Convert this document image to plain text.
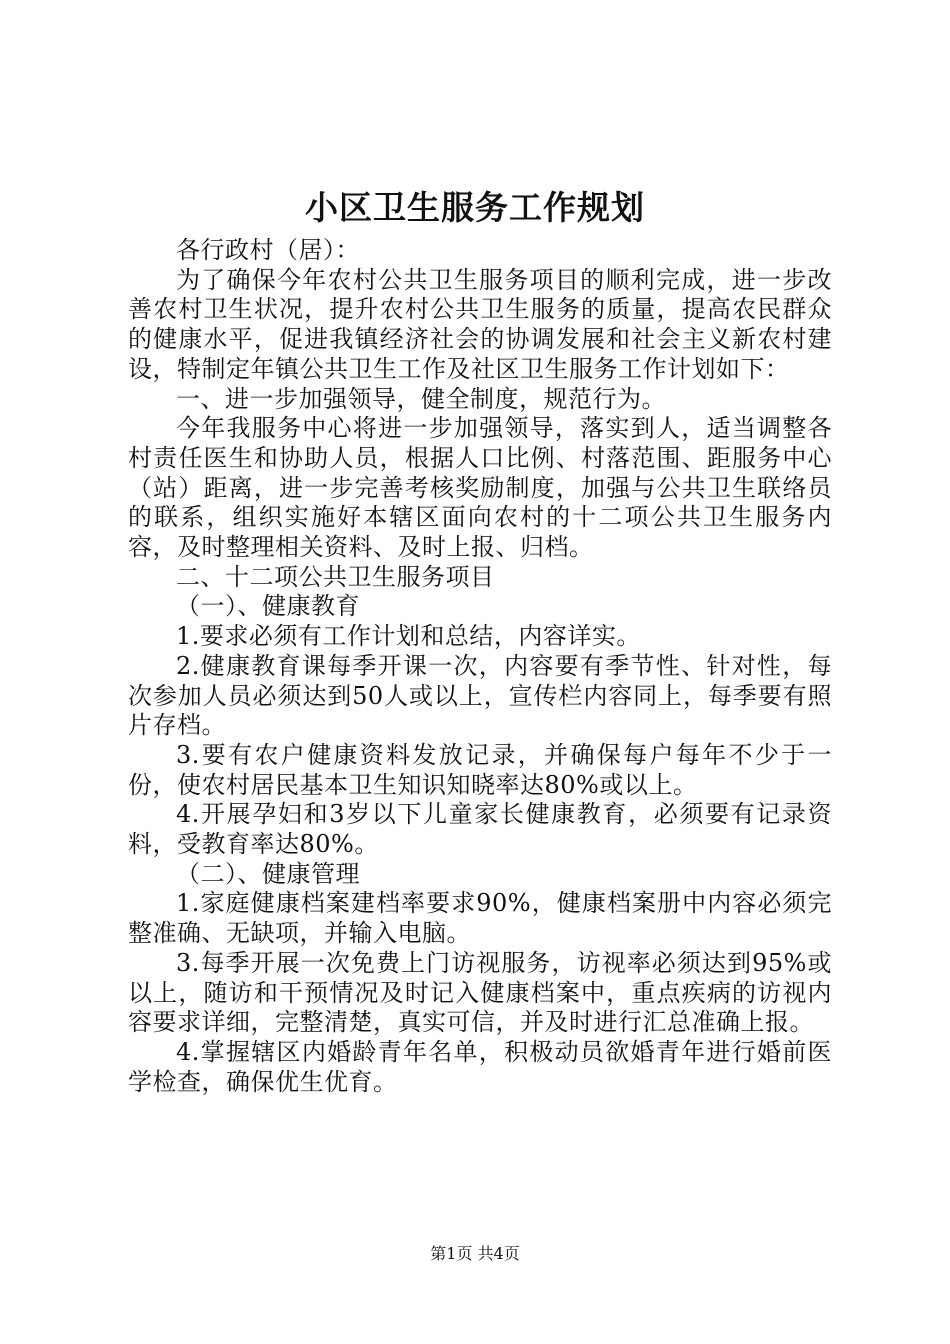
小区卫生服务工作规划

各行政村（居）：

为了确保今年农村公共卫生服务项目的顺利完成，进一步改善农村卫生状况，提升农村公共卫生服务的质量，提高农民群众的健康水平，促进我镇经济社会的协调发展和社会主义新农村建设，特制定年镇公共卫生工作及社区卫生服务工作计划如下：

一、进一步加强领导，健全制度，规范行为。

今年我服务中心将进一步加强领导，落实到人，适当调整各村责任医生和协助人员，根据人口比例、村落范围、距服务中心（站）距离，进一步完善考核奖励制度，加强与公共卫生联络员的联系，组织实施好本辖区面向农村的十二项公共卫生服务内容，及时整理相关资料、及时上报、归档。

二、十二项公共卫生服务项目

（一）、健康教育

1.要求必须有工作计划和总结，内容详实。

2.健康教育课每季开课一次，内容要有季节性、针对性，每次参加人员必须达到50人或以上，宣传栏内容同上，每季要有照片存档。

3.要有农户健康资料发放记录，并确保每户每年不少于一份，使农村居民基本卫生知识知晓率达80%或以上。

4.开展孕妇和3岁以下儿童家长健康教育，必须要有记录资料，受教育率达80%。

（二）、健康管理

1.家庭健康档案建档率要求90%，健康档案册中内容必须完整准确、无缺项，并输入电脑。

3.每季开展一次免费上门访视服务，访视率必须达到95%或以上，随访和干预情况及时记入健康档案中，重点疾病的访视内容要求详细，完整清楚，真实可信，并及时进行汇总准确上报。

4.掌握辖区内婚龄青年名单，积极动员欲婚青年进行婚前医学检查，确保优生优育。

第1页 共4页
